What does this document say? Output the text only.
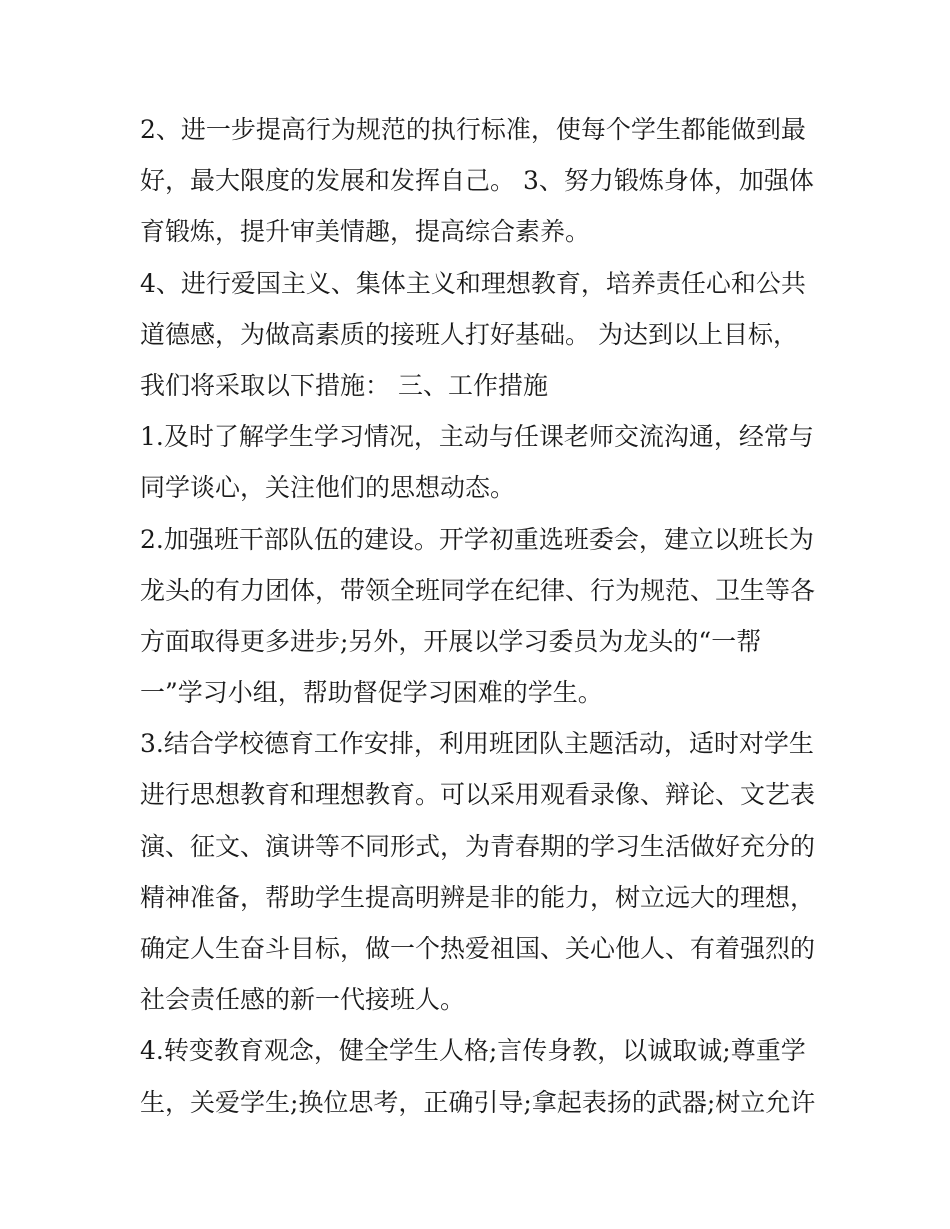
2、进一步提高行为规范的执行标准，使每个学生都能做到最
好，最大限度的发展和发挥自己。 3、努力锻炼身体，加强体
育锻炼，提升审美情趣，提高综合素养。
4、进行爱国主义、集体主义和理想教育，培养责任心和公共
道德感，为做高素质的接班人打好基础。 为达到以上目标，
我们将采取以下措施： 三、工作措施
1.及时了解学生学习情况，主动与任课老师交流沟通，经常与
同学谈心，关注他们的思想动态。
2.加强班干部队伍的建设。开学初重选班委会，建立以班长为
龙头的有力团体，带领全班同学在纪律、行为规范、卫生等各
方面取得更多进步;另外，开展以学习委员为龙头的“一帮
一”学习小组，帮助督促学习困难的学生。
3.结合学校德育工作安排，利用班团队主题活动，适时对学生
进行思想教育和理想教育。可以采用观看录像、辩论、文艺表
演、征文、演讲等不同形式，为青春期的学习生活做好充分的
精神准备，帮助学生提高明辨是非的能力，树立远大的理想，
确定人生奋斗目标，做一个热爱祖国、关心他人、有着强烈的
社会责任感的新一代接班人。
4.转变教育观念，健全学生人格;言传身教，以诚取诚;尊重学
生，关爱学生;换位思考，正确引导;拿起表扬的武器;树立允许
